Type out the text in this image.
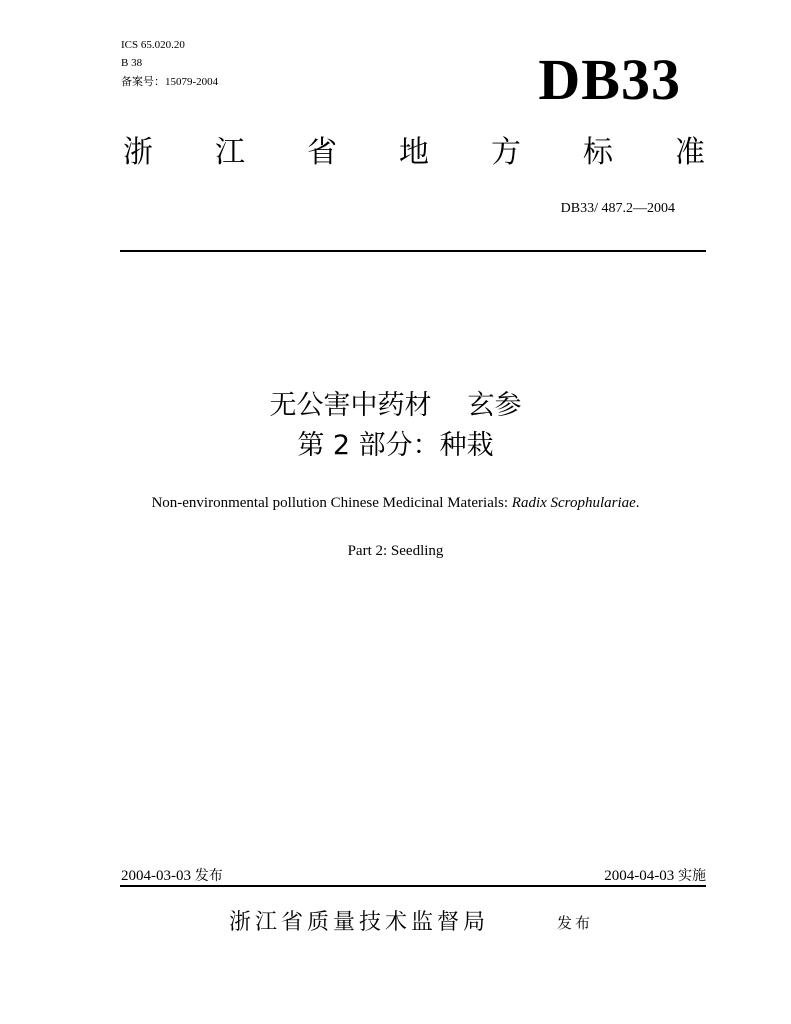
ICS 65.020.20
B 38
备案号：15079-2004	DB33
浙 江 省 地 方 标 准
DB33/ 487.2—2004
无公害中药材 玄参
第 2 部分：种栽
Non-environmental pollution Chinese Medicinal Materials: Radix Scrophulariae.
Part 2: Seedling
2004-03-03 发布	2004-04-03 实施
浙江省质量技术监督局	发布
